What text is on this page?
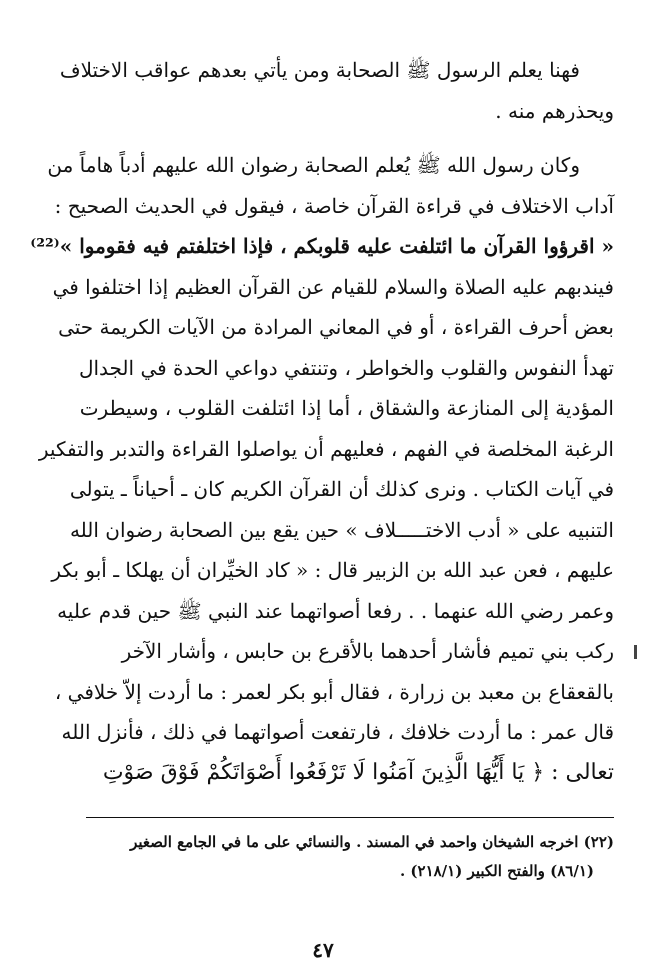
فهنا يعلم الرسول ﷺ الصحابة ومن يأتي بعدهم عواقب الاختلاف
ويحذرهم منه .
وكان رسول الله ﷺ يُعلم الصحابة رضوان الله عليهم أدباً هاماً من
آداب الاختلاف في قراءة القرآن خاصة ، فيقول في الحديث الصحيح :
« اقرؤوا القرآن ما ائتلفت عليه قلوبكم ، فإذا اختلفتم فيه فقوموا »⁽²²⁾
فيندبهم عليه الصلاة والسلام للقيام عن القرآن العظيم إذا اختلفوا في
بعض أحرف القراءة ، أو في المعاني المرادة من الآيات الكريمة حتى
تهدأ النفوس والقلوب والخواطر ، وتنتفي دواعي الحدة في الجدال
المؤدية إلى المنازعة والشقاق ، أما إذا ائتلفت القلوب ، وسيطرت
الرغبة المخلصة في الفهم ، فعليهم أن يواصلوا القراءة والتدبر والتفكير
في آيات الكتاب . ونرى كذلك أن القرآن الكريم كان ـ أحياناً ـ يتولى
التنبيه على « أدب الاختـــــلاف » حين يقع بين الصحابة رضوان الله
عليهم ، فعن عبد الله بن الزبير قال : « كاد الخيِّران أن يهلكا ـ أبو بكر
وعمر رضي الله عنهما . . رفعا أصواتهما عند النبي ﷺ حين قدم عليه
ركب بني تميم فأشار أحدهما بالأقرع بن حابس ، وأشار الآخر
بالقعقاع بن معبد بن زرارة ، فقال أبو بكر لعمر : ما أردت إلاّ خلافي ،
قال عمر : ما أردت خلافك ، فارتفعت أصواتهما في ذلك ، فأنزل الله
تعالى : ﴿ يَا أَيُّهَا الَّذِينَ آمَنُوا لَا تَرْفَعُوا أَصْوَاتَكُمْ فَوْقَ صَوْتِ
(٢٢) اخرجه الشيخان واحمد في المسند . والنسائي على ما في الجامع الصغير
(٨٦/١) والفتح الكبير (٢١٨/١) .
٤٧
